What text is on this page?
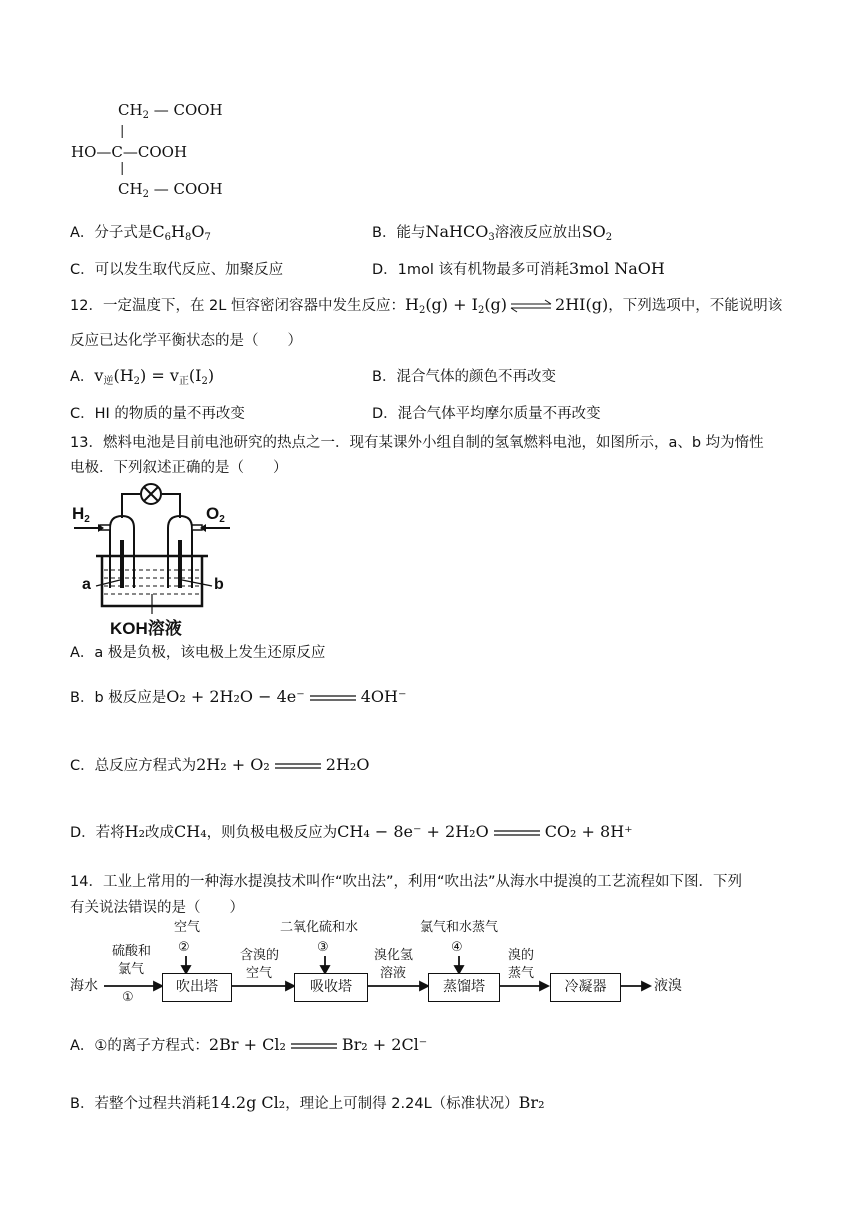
$CH_2$ — COOH
|
HO—C—COOH
|
$CH_2$ — COOH
A．分子式是$C_6H_8O_7$	B．能与NaHCO$_3$溶液反应放出$SO_2$
C．可以发生取代反应、加聚反应	D．1mol 该有机物最多可消耗3mol NaOH
12．一定温度下，在 2L 恒容密闭容器中发生反应：$H_2(g) + I_2(g)$ ⇌ 2HI(g)，下列选项中，不能说明该
反应已达化学平衡状态的是（　　）
A．$v_逆(H_2) = v_正(I_2)$	B．混合气体的颜色不再改变
C．HI 的物质的量不再改变	D．混合气体平均摩尔质量不再改变
13．燃料电池是目前电池研究的热点之一．现有某课外小组自制的氢氧燃料电池，如图所示，a、b 均为惰性
电极．下列叙述正确的是（　　）
$H_2$	$O_2$
a	b
KOH溶液
A．a 极是负极，该电极上发生还原反应
B．b 极反应是O₂ + 2H₂O − 4e⁻	4OH⁻
C．总反应方程式为2H₂ + O₂	2H₂O
D．若将H₂改成CH₄，则负极电极反应为CH₄ − 8e⁻ + 2H₂O	CO₂ + 8H⁺
14．工业上常用的一种海水提溴技术叫作“吹出法”，利用“吹出法”从海水中提溴的工艺流程如下图．下列
有关说法错误的是（　　）
吹出塔	吸收塔	蒸馏塔	冷凝器
海水
硫酸和
氯气
①
空气
②
含溴的
空气
二氧化硫和水
③
溴化氢
溶液
氯气和水蒸气
④
溴的
蒸气
液溴
A．①的离子方程式：2Br + Cl₂	Br₂ + 2Cl⁻
B．若整个过程共消耗14.2g Cl₂，理论上可制得 2.24L（标准状况）Br₂
